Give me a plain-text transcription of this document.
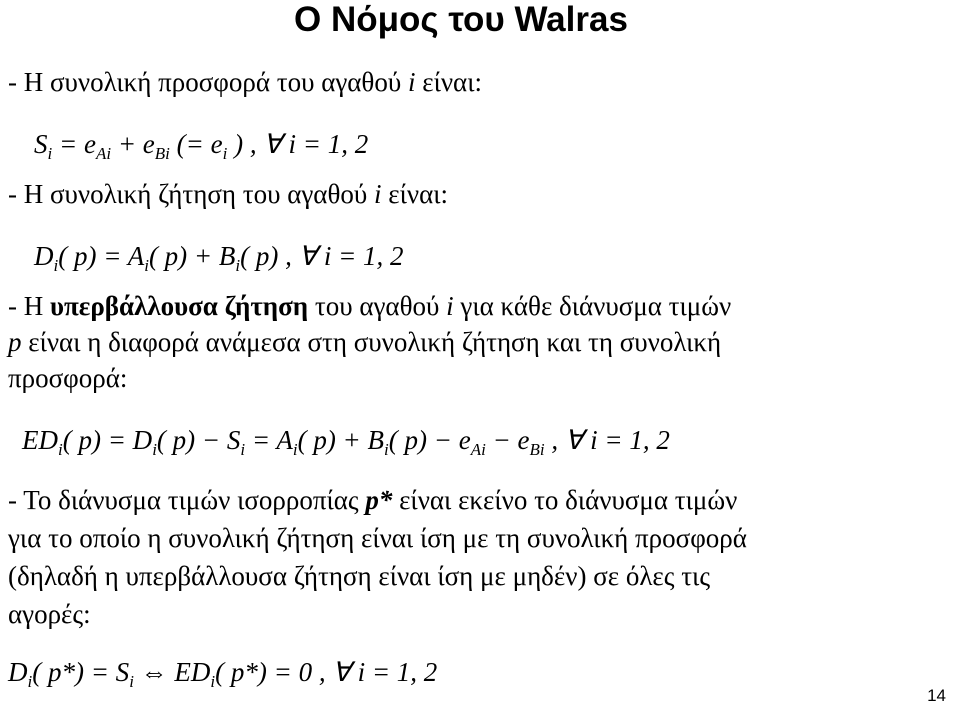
Ο Νόμος του Walras
- Η συνολική προσφορά του αγαθού i είναι:
$S_i = e_{Ai} + e_{Bi}$ (= $e_i$ ) , ∀ i = 1, 2
- Η συνολική ζήτηση του αγαθού i είναι:
$D_i$( $p) = A_i$( $p) + B_i$( p) , ∀ i = 1, 2
- Η υπερβάλλουσα ζήτηση του αγαθού i για κάθε διάνυσμα τιμών
p είναι η διαφορά ανάμεσα στη συνολική ζήτηση και τη συνολική
προσφορά:
$ED_i$( $p) = D_i$( $p) - S_i = A_i$( $p) + B_i$( $p) - e_{Ai} - e_{Bi}$ , ∀ i = 1, 2
- Το διάνυσμα τιμών ισορροπίας p* είναι εκείνο το διάνυσμα τιμών
για το οποίο η συνολική ζήτηση είναι ίση με τη συνολική προσφορά
(δηλαδή η υπερβάλλουσα ζήτηση είναι ίση με μηδέν) σε όλες τις
αγορές:
$D_i$( $p*) = S_i$ ⇔ $ED_i$( p*) = 0 , ∀ i = 1, 2
14
